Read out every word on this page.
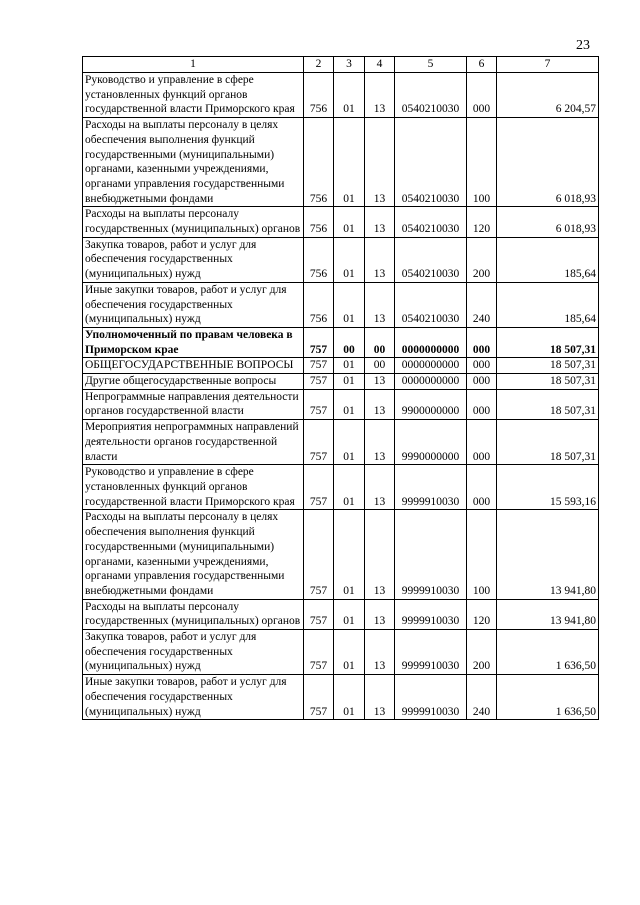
23
1	2	3	4	5	6	7
Руководство и управление в сфере установленных функций органов государственной власти Приморского края	756	01	13	0540210030	000	6 204,57
Расходы на выплаты персоналу в целях обеспечения выполнения функций государственными (муниципальными) органами, казенными учреждениями, органами управления государственными внебюджетными фондами	756	01	13	0540210030	100	6 018,93
Расходы на выплаты персоналу государственных (муниципальных) органов	756	01	13	0540210030	120	6 018,93
Закупка товаров, работ и услуг для обеспечения государственных (муниципальных) нужд	756	01	13	0540210030	200	185,64
Иные закупки товаров, работ и услуг для обеспечения государственных (муниципальных) нужд	756	01	13	0540210030	240	185,64
Уполномоченный по правам человека в Приморском крае	757	00	00	0000000000	000	18 507,31
ОБЩЕГОСУДАРСТВЕННЫЕ ВОПРОСЫ	757	01	00	0000000000	000	18 507,31
Другие общегосударственные вопросы	757	01	13	0000000000	000	18 507,31
Непрограммные направления деятельности органов государственной власти	757	01	13	9900000000	000	18 507,31
Мероприятия непрограммных направлений деятельности органов государственной власти	757	01	13	9990000000	000	18 507,31
Руководство и управление в сфере установленных функций органов государственной власти Приморского края	757	01	13	9999910030	000	15 593,16
Расходы на выплаты персоналу в целях обеспечения выполнения функций государственными (муниципальными) органами, казенными учреждениями, органами управления государственными внебюджетными фондами	757	01	13	9999910030	100	13 941,80
Расходы на выплаты персоналу государственных (муниципальных) органов	757	01	13	9999910030	120	13 941,80
Закупка товаров, работ и услуг для обеспечения государственных (муниципальных) нужд	757	01	13	9999910030	200	1 636,50
Иные закупки товаров, работ и услуг для обеспечения государственных (муниципальных) нужд	757	01	13	9999910030	240	1 636,50
